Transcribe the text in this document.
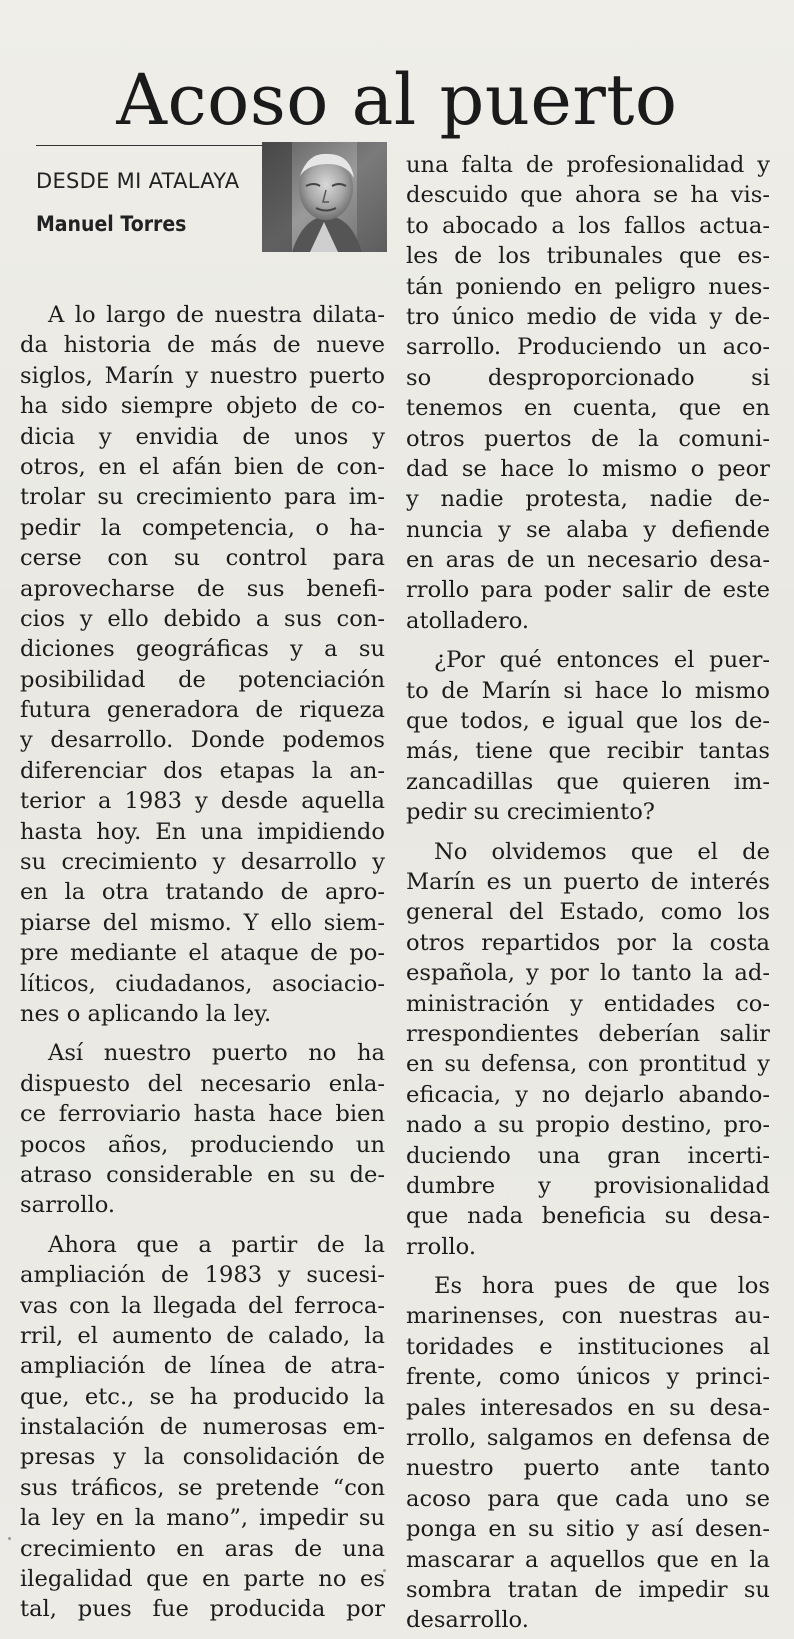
Acoso al puerto
DESDE MI ATALAYA
Manuel Torres

A lo largo de nuestra dilata-

da historia de más de nueve

siglos, Marín y nuestro puerto

ha sido siempre objeto de co-

dicia y envidia de unos y

otros, en el afán bien de con-

trolar su crecimiento para im-

pedir la competencia, o ha-

cerse con su control para

aprovecharse de sus benefi-

cios y ello debido a sus con-

diciones geográficas y a su

posibilidad de potenciación

futura generadora de riqueza

y desarrollo. Donde podemos

diferenciar dos etapas la an-

terior a 1983 y desde aquella

hasta hoy. En una impidiendo

su crecimiento y desarrollo y

en la otra tratando de apro-

piarse del mismo. Y ello siem-

pre mediante el ataque de po-

líticos, ciudadanos, asociacio-

nes o aplicando la ley.

Así nuestro puerto no ha

dispuesto del necesario enla-

ce ferroviario hasta hace bien

pocos años, produciendo un

atraso considerable en su de-

sarrollo.

Ahora que a partir de la

ampliación de 1983 y sucesi-

vas con la llegada del ferroca-

rril, el aumento de calado, la

ampliación de línea de atra-

que, etc., se ha producido la

instalación de numerosas em-

presas y la consolidación de

sus tráficos, se pretende “con

la ley en la mano”, impedir su

crecimiento en aras de una

ilegalidad que en parte no es

tal, pues fue producida por

una falta de profesionalidad y

descuido que ahora se ha vis-

to abocado a los fallos actua-

les de los tribunales que es-

tán poniendo en peligro nues-

tro único medio de vida y de-

sarrollo. Produciendo un aco-

so desproporcionado si

tenemos en cuenta, que en

otros puertos de la comuni-

dad se hace lo mismo o peor

y nadie protesta, nadie de-

nuncia y se alaba y defiende

en aras de un necesario desa-

rrollo para poder salir de este

atolladero.

¿Por qué entonces el puer-

to de Marín si hace lo mismo

que todos, e igual que los de-

más, tiene que recibir tantas

zancadillas que quieren im-

pedir su crecimiento?

No olvidemos que el de

Marín es un puerto de interés

general del Estado, como los

otros repartidos por la costa

española, y por lo tanto la ad-

ministración y entidades co-

rrespondientes deberían salir

en su defensa, con prontitud y

eficacia, y no dejarlo abando-

nado a su propio destino, pro-

duciendo una gran incerti-

dumbre y provisionalidad

que nada beneficia su desa-

rrollo.

Es hora pues de que los

marinenses, con nuestras au-

toridades e instituciones al

frente, como únicos y princi-

pales interesados en su desa-

rrollo, salgamos en defensa de

nuestro puerto ante tanto

acoso para que cada uno se

ponga en su sitio y así desen-

mascarar a aquellos que en la

sombra tratan de impedir su

desarrollo.
